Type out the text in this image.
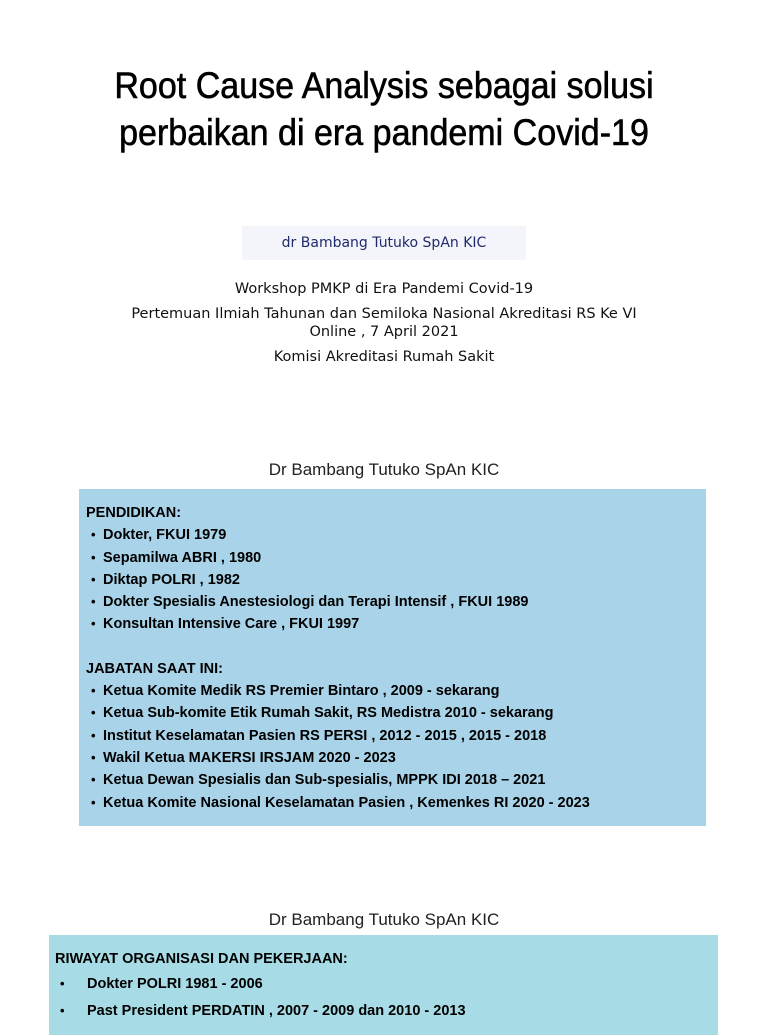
Root Cause Analysis sebagai solusi perbaikan di era pandemi Covid-19
dr Bambang Tutuko SpAn KIC
Workshop PMKP di Era Pandemi Covid-19
Pertemuan Ilmiah Tahunan dan Semiloka Nasional Akreditasi RS Ke VI
Online , 7 April 2021
Komisi Akreditasi Rumah Sakit
Dr Bambang Tutuko SpAn KIC
PENDIDIKAN:
• Dokter, FKUI 1979
• Sepamilwa ABRI , 1980
• Diktap POLRI , 1982
• Dokter Spesialis Anestesiologi dan Terapi Intensif , FKUI 1989
• Konsultan Intensive Care , FKUI 1997
JABATAN SAAT INI:
• Ketua Komite Medik RS Premier Bintaro , 2009 - sekarang
• Ketua Sub-komite Etik Rumah Sakit, RS Medistra 2010 - sekarang
• Institut Keselamatan Pasien RS PERSI , 2012 - 2015 , 2015 - 2018
• Wakil Ketua MAKERSI IRSJAM 2020 - 2023
• Ketua Dewan Spesialis dan Sub-spesialis, MPPK IDI 2018 – 2021
• Ketua Komite Nasional Keselamatan Pasien , Kemenkes RI 2020 - 2023
Dr Bambang Tutuko SpAn KIC
RIWAYAT ORGANISASI DAN PEKERJAAN:
• Dokter POLRI 1981 - 2006
• Past President PERDATIN , 2007 - 2009 dan 2010 - 2013
